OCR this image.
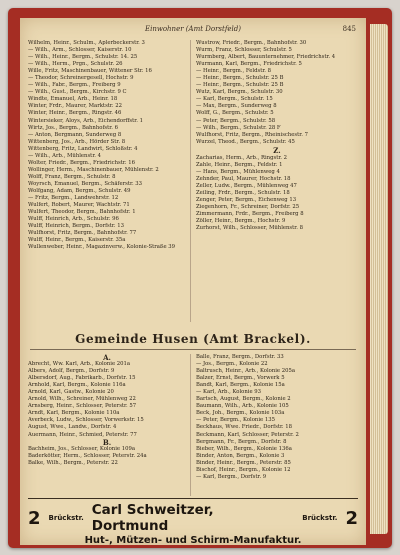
Einwohner (Amt Dorstfeld)	845
Wilhelm, Heinr., Schulm., Aplerbeckerstr. 3
— Wilh., Arm., Schlosser, Kaiserstr. 10
— Wilh., Heinr., Bergm., Schulstr. 14. 25
— Wilh., Herm., Prgn., Schulstr. 26
Wille, Fritz, Maschinenbauer, Wittener Str. 16
— Theodor, Schreinergesell, Hochstr. 9
— Wilh., Fabr., Bergm., Freiberg 9
— Wilh., Gust., Bergm., Kirchstr. 9 C
Windte, Emanuel, Arb., Heinr. 18
Winter, Frdr., Maurer, Marktstr. 22
Winter, Heinr., Bergm., Ringstr. 46
Wintersieker, Aloys, Arb., Eichendorffstr. 1
Wirtz, Jos., Bergm., Bahnhofstr. 6
— Anton, Bergmann, Sunderweg 8
Wittenberg, Jos., Arb., Hörder Str. 8
Wittenberg, Fritz, Landwirt, Schloßstr. 4
— Wilh., Arb., Mühlenstr. 4
Wolter, Friedr., Bergm., Friedrichstr. 16
Wollinger, Herm., Maschinenbauer, Mühlenstr. 2
Wolff, Franz, Bergm., Schulstr. 8
Woyrsch, Emanuel, Bergm., Schäferstr. 33
Wolfgang, Adam, Bergm., Schulstr. 49
— Fritz, Bergm., Landwehrstr. 12
Wulfert, Robert, Maurer, Wachtstr. 71
Wulfert, Theodor, Bergm., Bahnhofstr. 1
Wulff, Heinrich, Arb., Schulstr. 96
Wulff, Heinrich, Bergm., Dorfstr. 13
Wulfhorst, Fritz, Bergm., Bahnhofstr. 77
Wulff, Heinr., Bergm., Kaiserstr. 35a
Wullenweber, Heinr., Magazinverw., Kolonie-Straße 39
Wustrow, Friedr., Bergm., Bahnhofstr. 30
Wurm, Franz, Schlosser, Schulstr. 5
Wurmberg, Albert, Bauunternehmer, Friedrichstr. 4
Wurmann, Karl, Bergm., Friedrichstr. 5
— Heinr., Bergm., Feldstr. 8
— Heinr., Bergm., Schulstr. 25 B
— Heinr., Bergm., Schulstr. 25 B
Wutz, Karl, Bergm., Schulstr. 30
— Karl, Bergm., Schulstr. 15
— Max, Bergm., Sunderweg 8
Wolff, G., Bergm., Schulstr. 5
— Peter, Bergm., Schulstr. 58
— Wilh., Bergm., Schulstr. 28 F
Wulfhorst, Fritz, Bergm., Rheinischestr. 7
Wurzel, Theod., Bergm., Schulstr. 45
Z.
Zacharias, Herm., Arb., Ringstr. 2
Zahle, Heinr., Bergm., Feldstr. 1
— Hans, Bergm., Mühlenweg 4
Zehnder, Paul, Maurer, Hochstr. 18
Zeller, Ludw., Bergm., Mühlenweg 47
Zeiling, Frdr., Bergm., Schulstr. 18
Zenger, Peter, Bergm., Eichenweg 13
Ziegenhorn, Fr., Schreiner, Dorfstr. 25
Zimmermann, Frdr., Bergm., Freiberg 8
Zöller, Heinr., Bergm., Hochstr. 9
Zurhorst, Wilh., Schlosser, Mühlenstr. 8
Gemeinde Husen (Amt Brackel).
A.
Abrecht, Ww. Karl, Arb., Kolonie 201a
Albers, Adolf, Bergm., Dorfstr. 9
Albersdorf, Aug., Fabrikarb., Dorfstr. 15
Arnhold, Karl, Bergm., Kolonie 116a
Arnold, Karl, Gastw., Kolonie 20
Arnold, Wilh., Schreiner, Mühlenweg 22
Arnsberg, Heinr., Schlosser, Peterstr. 57
Arndt, Karl, Bergm., Kolonie 110a
Averbeck, Ludw., Schlosser, Vorwerkstr. 15
August, Wwe., Landw., Dorfstr. 4
Auermann, Heinr., Schmied, Peterstr. 77
B.
Bachheim, Jos., Schlosser, Kolonie 109a
Baderkötter, Herm., Schlosser, Peterstr. 24a
Balke, Wilh., Bergm., Peterstr. 22
Balle, Franz, Bergm., Dorfstr. 33
— Jos., Bergm., Kolonie 22
Baltrusch, Heinr., Arb., Kolonie 205a
Balzer, Ernst, Bergm., Vorwerk 5
Bandt, Karl, Bergm., Kolonie 15a
— Karl, Arb., Kolonie 93
Bartsch, August, Bergm., Kolonie 2
Baumann, Wilh., Arb., Kolonie 105
Beck, Joh., Bergm., Kolonie 103a
— Peter, Bergm., Kolonie 135
Beckhaus, Wwe. Friedr., Dorfstr. 18
Beckmann, Karl, Schlosser, Peterstr. 2
Bergmann, Fr., Bergm., Dorfstr. 8
Bieber, Wilh., Bergm., Kolonie 136a
Binder, Anton, Bergm., Kolonie 3
Binder, Heinr., Bergm., Peterstr. 85
Bischof, Heinr., Bergm., Kolonie 12
— Karl, Bergm., Dorfstr. 9
2 Brückstr. Carl Schweitzer, Dortmund	Brückstr. 2
Hut-, Mützen- und Schirm-Manufaktur.
